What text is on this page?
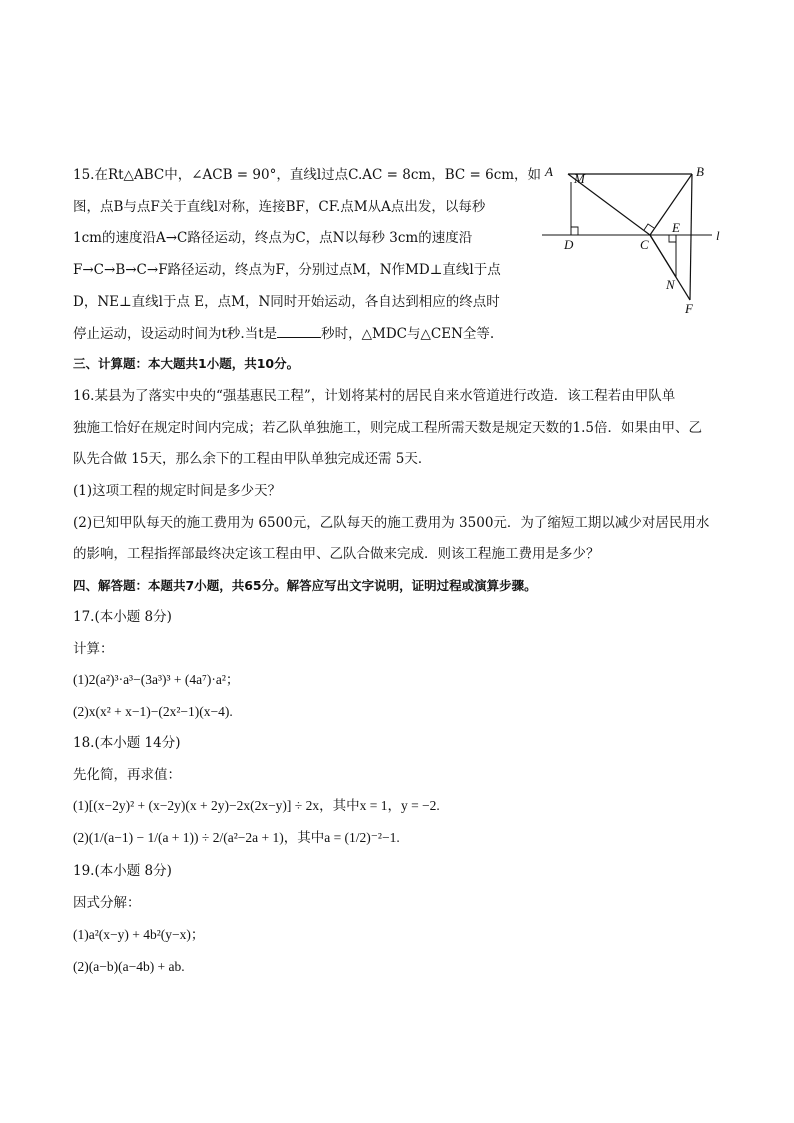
15.在Rt△ABC中，∠ACB = 90°，直线l过点C.AC = 8cm，BC = 6cm，如
图，点B与点F关于直线l对称，连接BF，CF.点M从A点出发，以每秒
1cm的速度沿A→C路径运动，终点为C，点N以每秒 3cm的速度沿
F→C→B→C→F路径运动，终点为F，分别过点M，N作MD⊥直线l于点
D，NE⊥直线l于点 E，点M，N同时开始运动，各自达到相应的终点时
停止运动，设运动时间为t秒.当t是	秒时，△MDC与△CEN全等.
A M	B
D	C
E
l
N
F
三、计算题：本大题共1小题，共10分。
16.某县为了落实中央的“强基惠民工程”，计划将某村的居民自来水管道进行改造．该工程若由甲队单
独施工恰好在规定时间内完成；若乙队单独施工，则完成工程所需天数是规定天数的1.5倍．如果由甲、乙
队先合做 15天，那么余下的工程由甲队单独完成还需 5天．
(1)这项工程的规定时间是多少天？
(2)已知甲队每天的施工费用为 6500元，乙队每天的施工费用为 3500元．为了缩短工期以减少对居民用水
的影响，工程指挥部最终决定该工程由甲、乙队合做来完成．则该工程施工费用是多少？
四、解答题：本题共7小题，共65分。解答应写出文字说明，证明过程或演算步骤。
17.(本小题 8分)
计算：
(1)2(a²)³·a³−(3a³)³ + (4a⁷)·a²；
(2)x(x² + x−1)−(2x²−1)(x−4).
18.(本小题 14分)
先化简，再求值：
(1)[(x−2y)² + (x−2y)(x + 2y)−2x(2x−y)] ÷ 2x，其中x = 1，y = −2.
(2)(1/(a−1) − 1/(a + 1)) ÷ 2/(a²−2a + 1)，其中a = (1/2)⁻²−1.
19.(本小题 8分)
因式分解：
(1)a²(x−y) + 4b²(y−x)；
(2)(a−b)(a−4b) + ab.
